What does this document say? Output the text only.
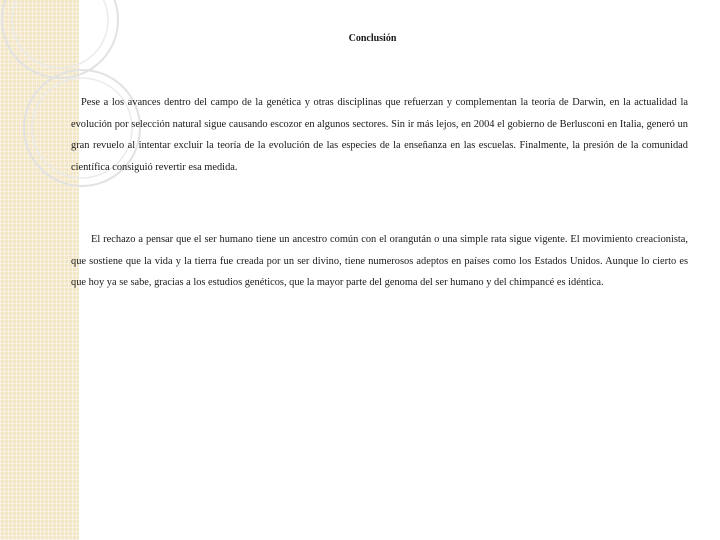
Conclusión

Pese a los avances dentro del campo de la genética y otras disciplinas que refuerzan y complementan la teoría de Darwin, en la actualidad la evolución por selección natural sigue causando escozor en algunos sectores. Sin ir más lejos, en 2004 el gobierno de Berlusconi en Italia, generó un gran revuelo al intentar excluir la teoría de la evolución de las especies de la enseñanza en las escuelas. Finalmente, la presión de la comunidad científica consiguió revertir esa medida.

El rechazo a pensar que el ser humano tiene un ancestro común con el orangután o una simple rata sigue vigente. El movimiento creacionista, que sostiene que la vida y la tierra fue creada por un ser divino, tiene numerosos adeptos en países como los Estados Unidos. Aunque lo cierto es que hoy ya se sabe, gracias a los estudios genéticos, que la mayor parte del genoma del ser humano y del chimpancé es idéntica.
